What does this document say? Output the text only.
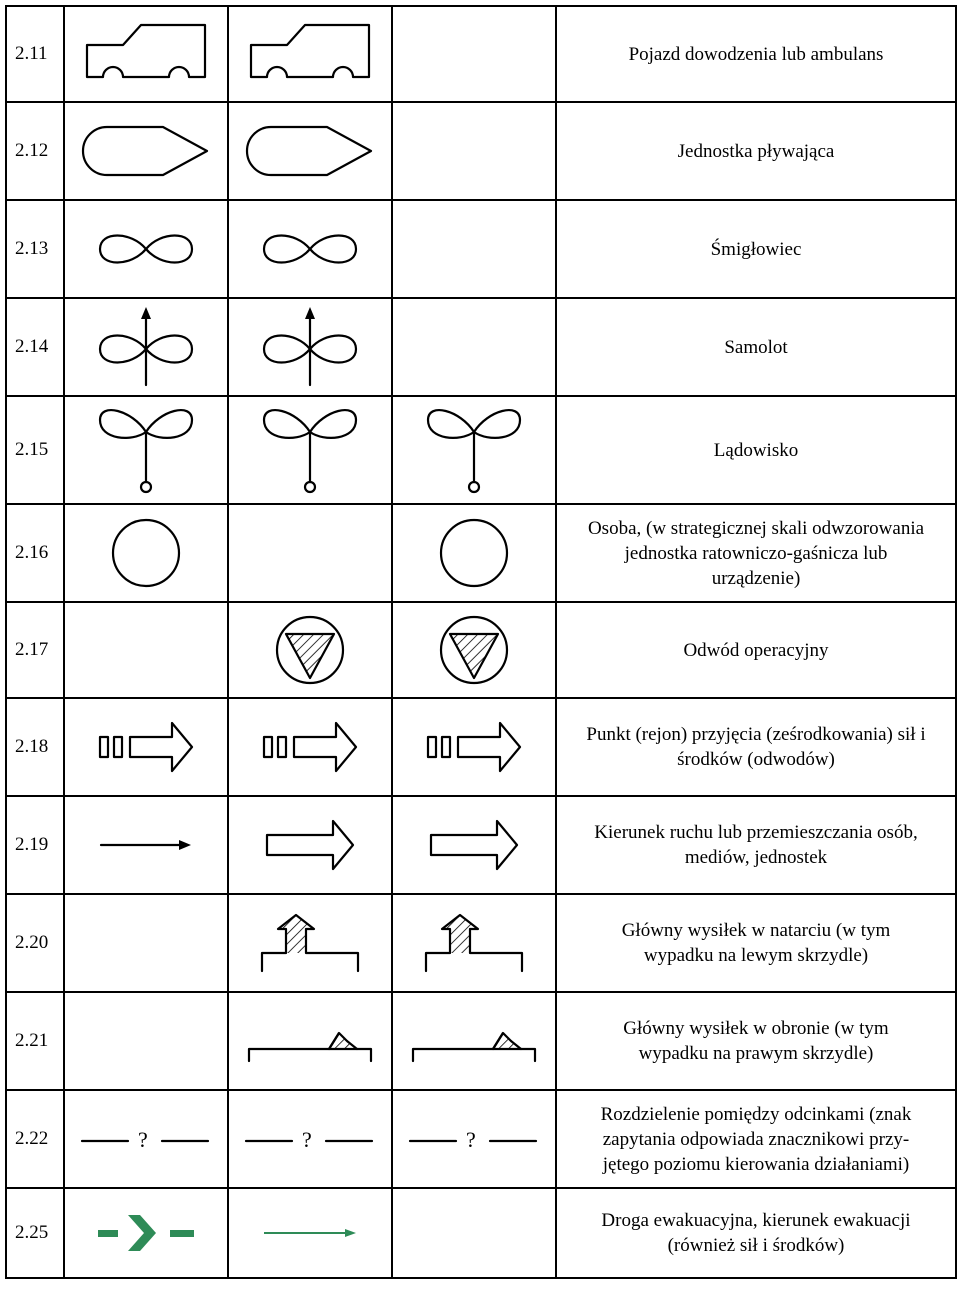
2.11				Pojazd dowodzenia lub ambulans

2.12				Jednostka pływająca

2.13				Śmigłowiec

2.14				Samolot

2.15				Lądowisko

2.16				Osoba, (w strategicznej skali odwzorowania
jednostka ratowniczo-gaśnicza lub
urządzenie)

2.17				Odwód operacyjny

2.18				Punkt (rejon) przyjęcia (ześrodkowania) sił i
środków (odwodów)

2.19				Kierunek ruchu lub przemieszczania osób,
mediów, jednostek

2.20				Główny wysiłek w natarciu (w tym
wypadku na lewym skrzydle)

2.21				Główny wysiłek w obronie (w tym
wypadku na prawym skrzydle)

2.22	?	?	?	Rozdzielenie pomiędzy odcinkami (znak
zapytania odpowiada znacznikowi przy-
jętego poziomu kierowania działaniami)

2.25				Droga ewakuacyjna, kierunek ewakuacji
(również sił i środków)
